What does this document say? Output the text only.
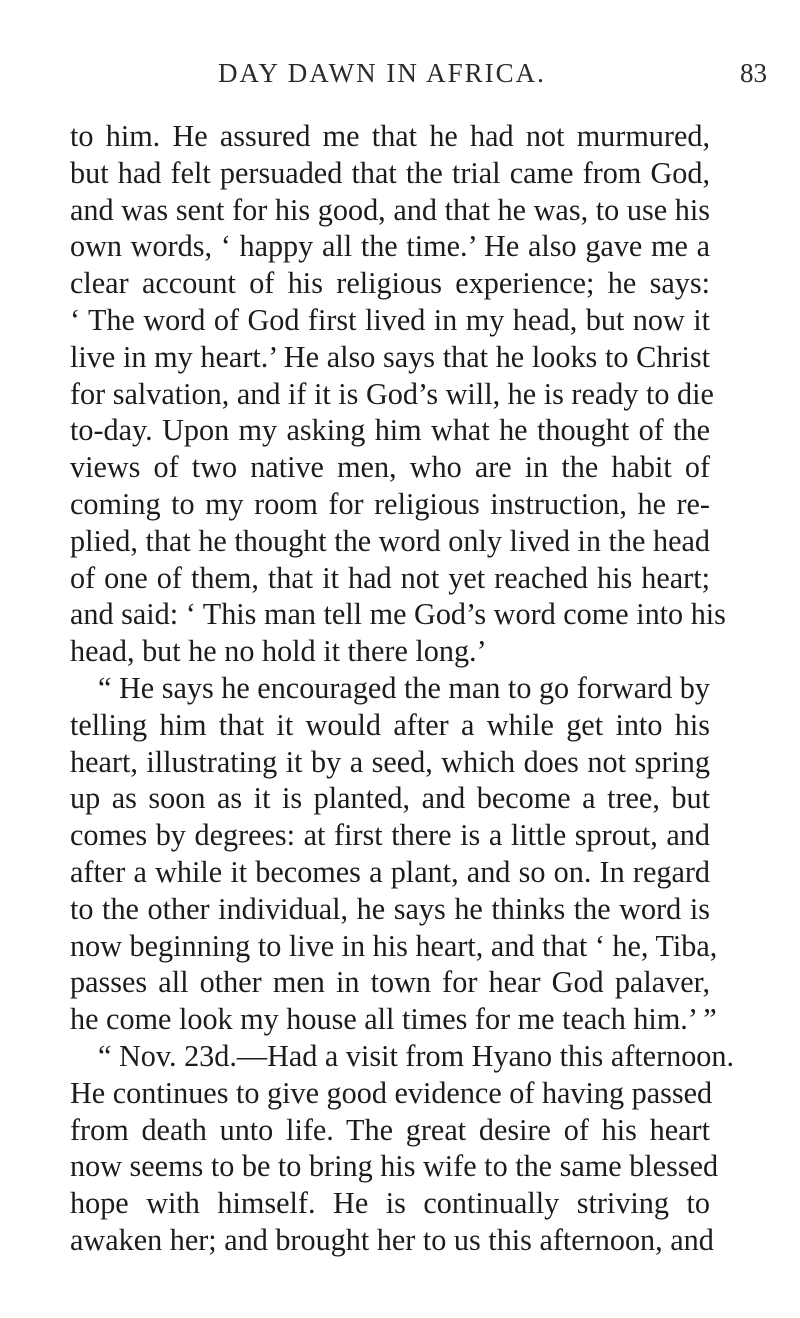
DAY DAWN IN AFRICA.	83
to him. He assured me that he had not murmured,
but had felt persuaded that the trial came from God,
and was sent for his good, and that he was, to use his
own words, ‘ happy all the time.’ He also gave me a
clear account of his religious experience; he says:
‘ The word of God first lived in my head, but now it
live in my heart.’ He also says that he looks to Christ
for salvation, and if it is God’s will, he is ready to die
to-day. Upon my asking him what he thought of the
views of two native men, who are in the habit of
coming to my room for religious instruction, he re-
plied, that he thought the word only lived in the head
of one of them, that it had not yet reached his heart;
and said: ‘ This man tell me God’s word come into his
head, but he no hold it there long.’
“ He says he encouraged the man to go forward by
telling him that it would after a while get into his
heart, illustrating it by a seed, which does not spring
up as soon as it is planted, and become a tree, but
comes by degrees: at first there is a little sprout, and
after a while it becomes a plant, and so on. In regard
to the other individual, he says he thinks the word is
now beginning to live in his heart, and that ‘ he, Tiba,
passes all other men in town for hear God palaver,
he come look my house all times for me teach him.’ ”
“ Nov. 23d.—Had a visit from Hyano this afternoon.
He continues to give good evidence of having passed
from death unto life. The great desire of his heart
now seems to be to bring his wife to the same blessed
hope with himself. He is continually striving to
awaken her; and brought her to us this afternoon, and
